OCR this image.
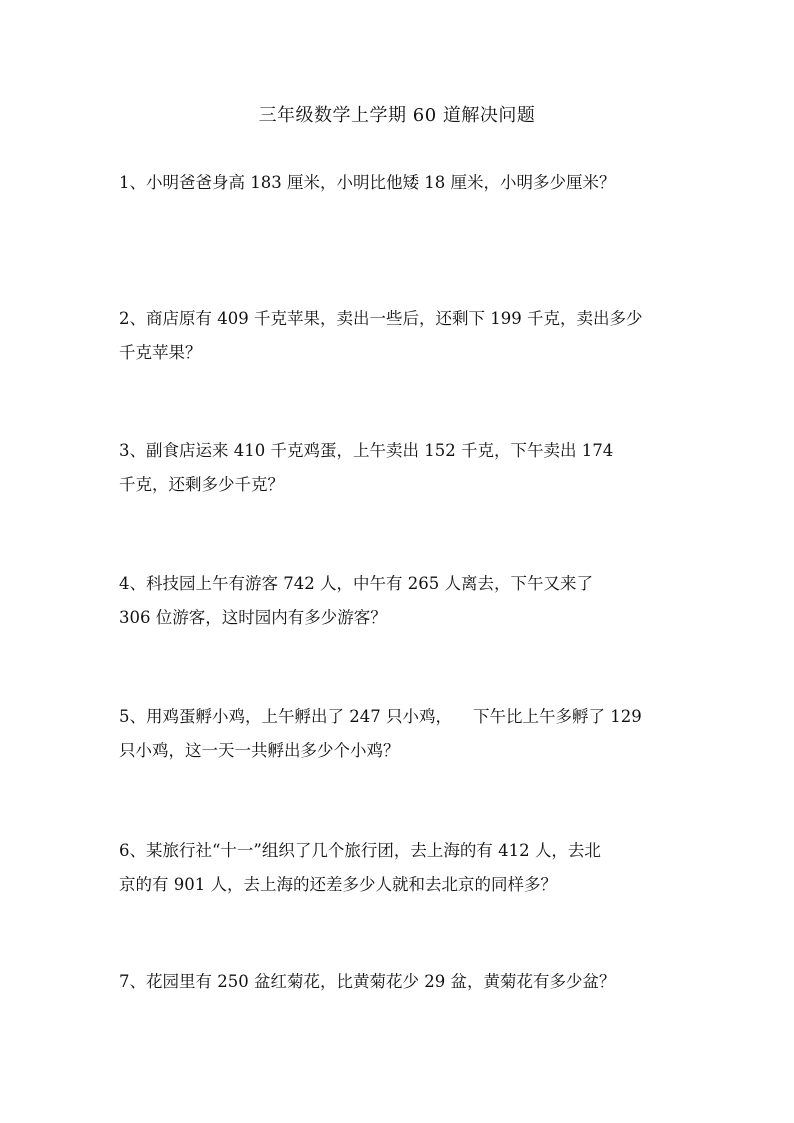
三年级数学上学期 60 道解决问题

1、小明爸爸身高 183 厘米，小明比他矮 18 厘米，小明多少厘米？

2、商店原有 409 千克苹果，卖出一些后，还剩下 199 千克，卖出多少
千克苹果？

3、副食店运来 410 千克鸡蛋，上午卖出 152 千克，下午卖出 174
千克，还剩多少千克？

4、科技园上午有游客 742 人，中午有 265 人离去，下午又来了
306 位游客，这时园内有多少游客？

5、用鸡蛋孵小鸡，上午孵出了 247 只小鸡，    下午比上午多孵了 129
只小鸡，这一天一共孵出多少个小鸡？

6、某旅行社“十一”组织了几个旅行团，去上海的有 412 人，去北
京的有 901 人，去上海的还差多少人就和去北京的同样多？

7、花园里有 250 盆红菊花，比黄菊花少 29 盆，黄菊花有多少盆？
